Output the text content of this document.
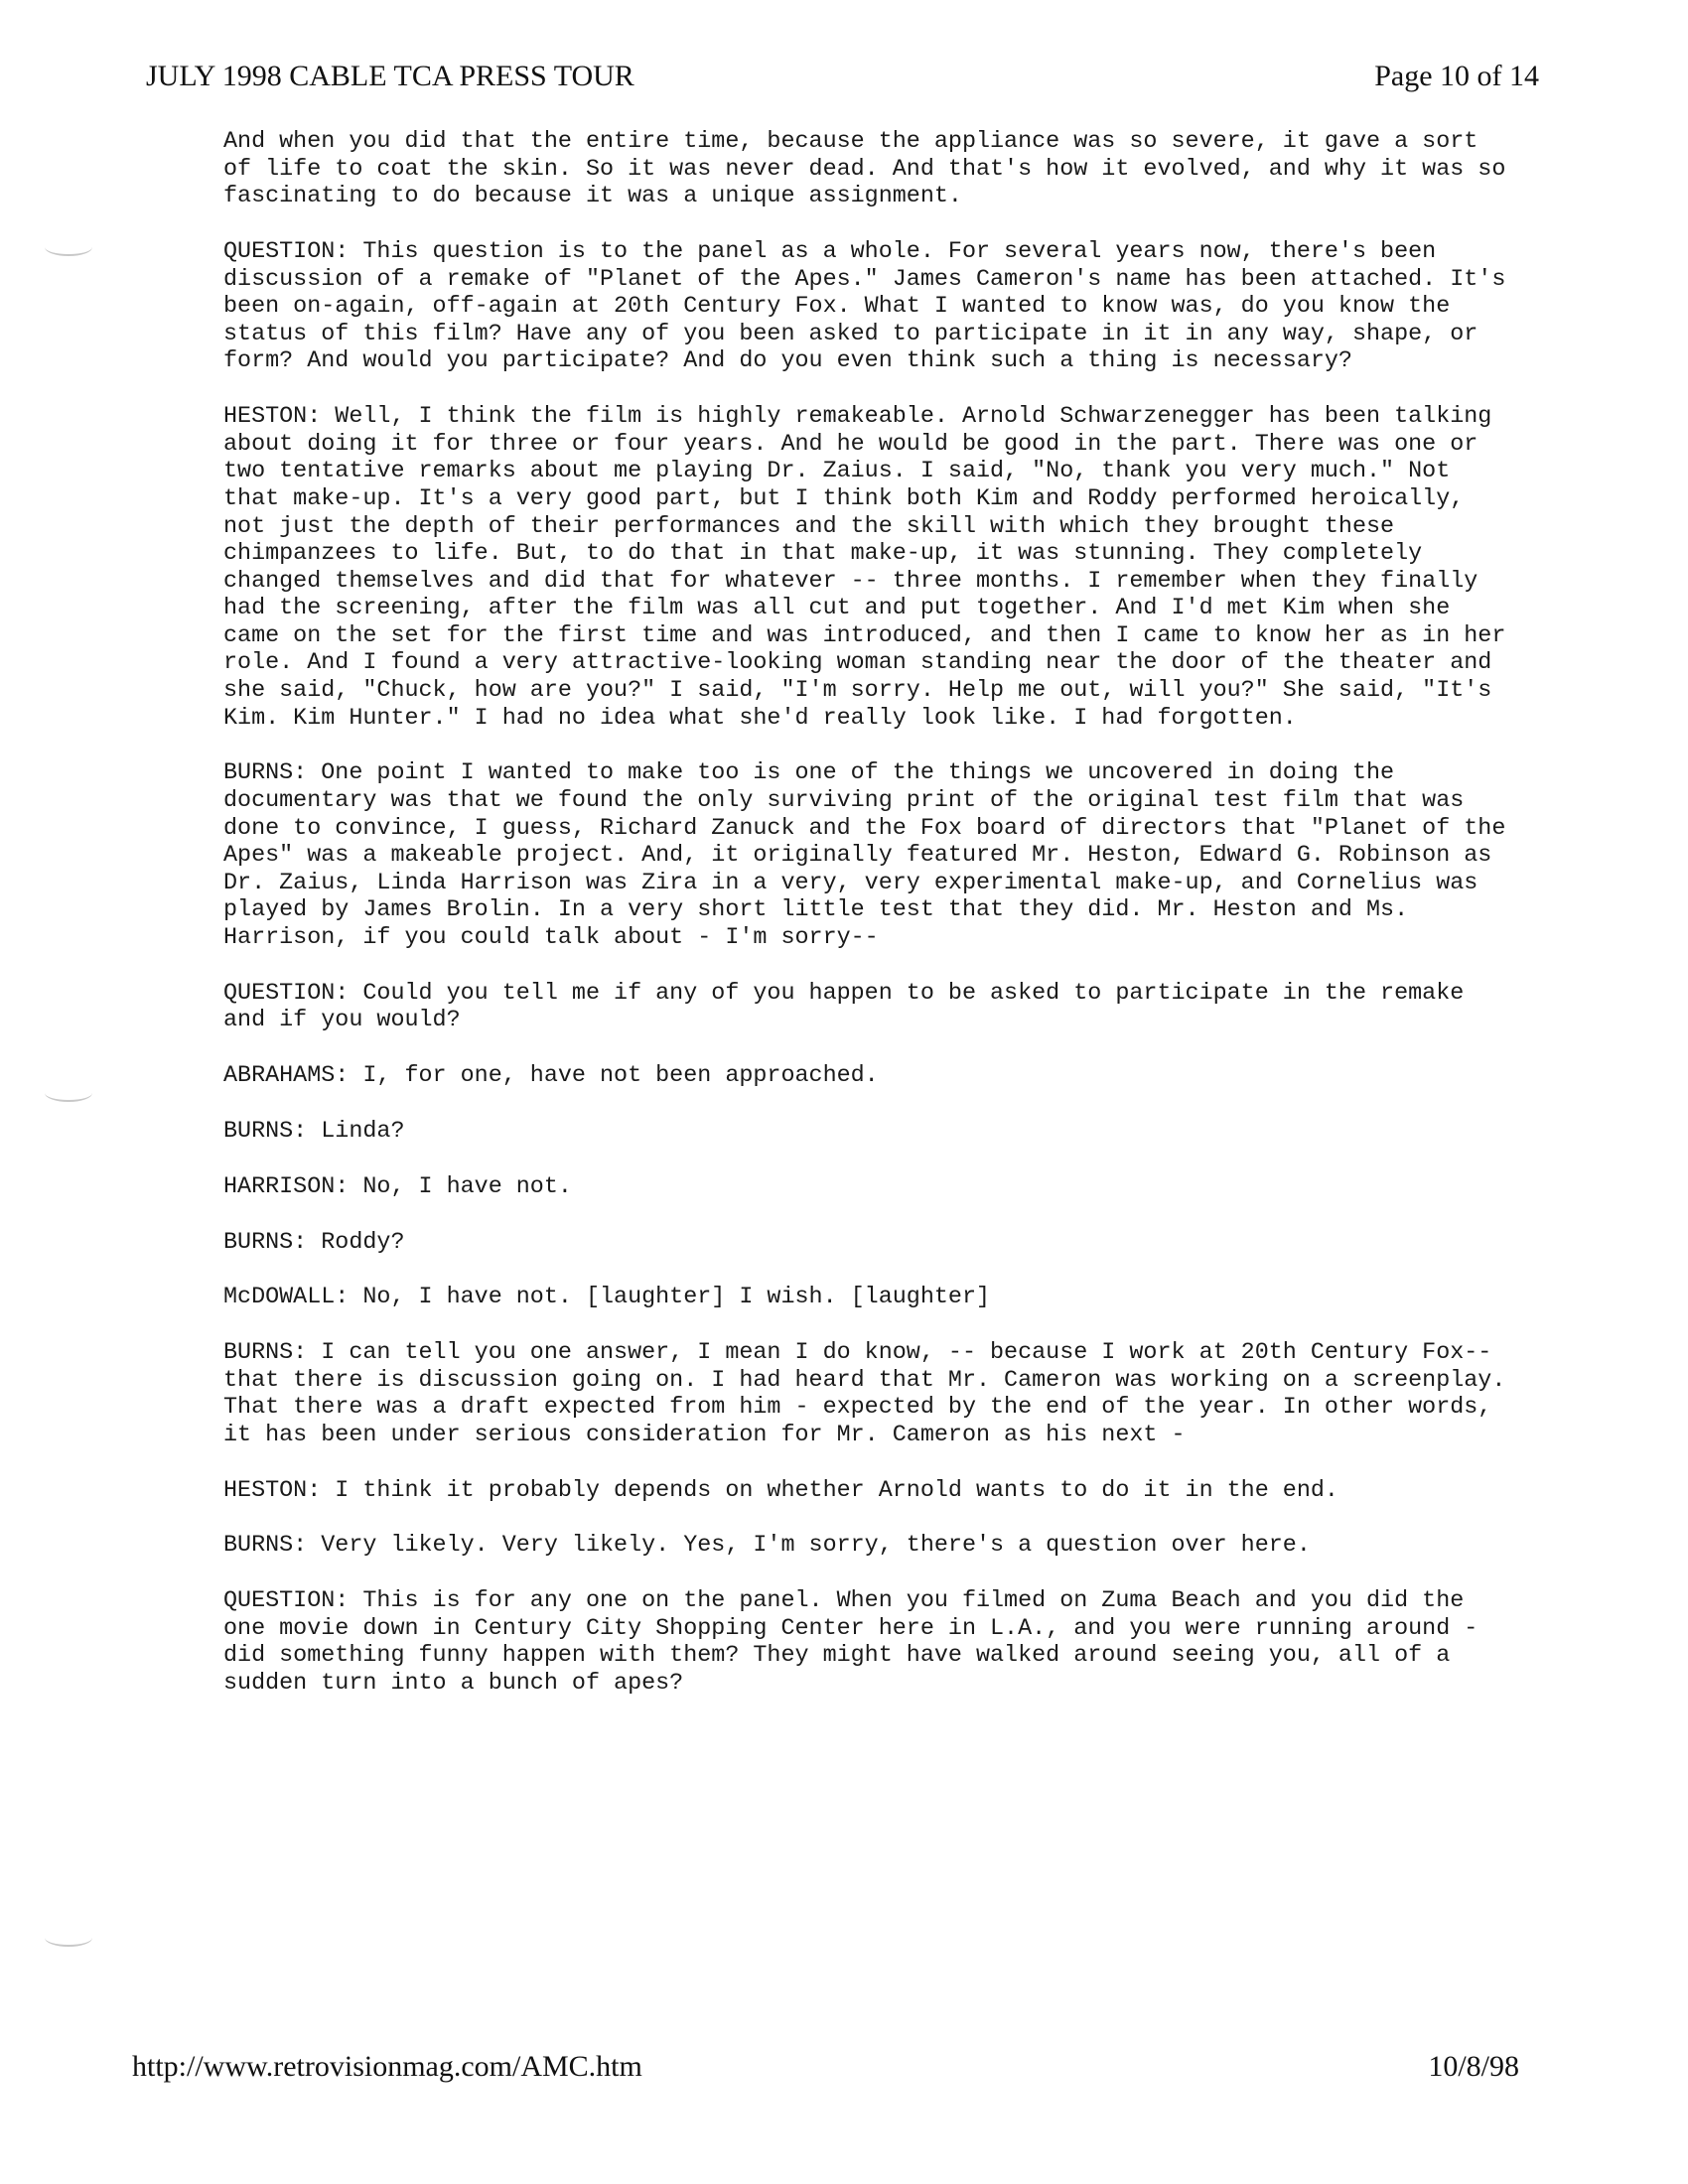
JULY 1998 CABLE TCA PRESS TOUR	Page 10 of 14

And when you did that the entire time, because the appliance was so severe, it gave a sort of life to coat the skin. So it was never dead. And that's how it evolved, and why it was so fascinating to do because it was a unique assignment.

QUESTION: This question is to the panel as a whole. For several years now, there's been discussion of a remake of "Planet of the Apes." James Cameron's name has been attached. It's been on-again, off-again at 20th Century Fox. What I wanted to know was, do you know the status of this film? Have any of you been asked to participate in it in any way, shape, or form? And would you participate? And do you even think such a thing is necessary?

HESTON: Well, I think the film is highly remakeable. Arnold Schwarzenegger has been talking about doing it for three or four years. And he would be good in the part. There was one or two tentative remarks about me playing Dr. Zaius. I said, "No, thank you very much." Not that make-up. It's a very good part, but I think both Kim and Roddy performed heroically, not just the depth of their performances and the skill with which they brought these chimpanzees to life. But, to do that in that make-up, it was stunning. They completely changed themselves and did that for whatever -- three months. I remember when they finally had the screening, after the film was all cut and put together. And I'd met Kim when she came on the set for the first time and was introduced, and then I came to know her as in her role. And I found a very attractive-looking woman standing near the door of the theater and she said, "Chuck, how are you?" I said, "I'm sorry. Help me out, will you?" She said, "It's Kim. Kim Hunter." I had no idea what she'd really look like. I had forgotten.

BURNS: One point I wanted to make too is one of the things we uncovered in doing the documentary was that we found the only surviving print of the original test film that was done to convince, I guess, Richard Zanuck and the Fox board of directors that "Planet of the Apes" was a makeable project. And, it originally featured Mr. Heston, Edward G. Robinson as Dr. Zaius, Linda Harrison was Zira in a very, very experimental make-up, and Cornelius was played by James Brolin. In a very short little test that they did. Mr. Heston and Ms. Harrison, if you could talk about - I'm sorry--

QUESTION: Could you tell me if any of you happen to be asked to participate in the remake and if you would?

ABRAHAMS: I, for one, have not been approached.

BURNS: Linda?

HARRISON: No, I have not.

BURNS: Roddy?

McDOWALL: No, I have not. [laughter] I wish. [laughter]

BURNS: I can tell you one answer, I mean I do know, -- because I work at 20th Century Fox-- that there is discussion going on. I had heard that Mr. Cameron was working on a screenplay. That there was a draft expected from him - expected by the end of the year. In other words, it has been under serious consideration for Mr. Cameron as his next -

HESTON: I think it probably depends on whether Arnold wants to do it in the end.

BURNS: Very likely. Very likely. Yes, I'm sorry, there's a question over here.

QUESTION: This is for any one on the panel. When you filmed on Zuma Beach and you did the one movie down in Century City Shopping Center here in L.A., and you were running around - did something funny happen with them? They might have walked around seeing you, all of a sudden turn into a bunch of apes?

http://www.retrovisionmag.com/AMC.htm	10/8/98
